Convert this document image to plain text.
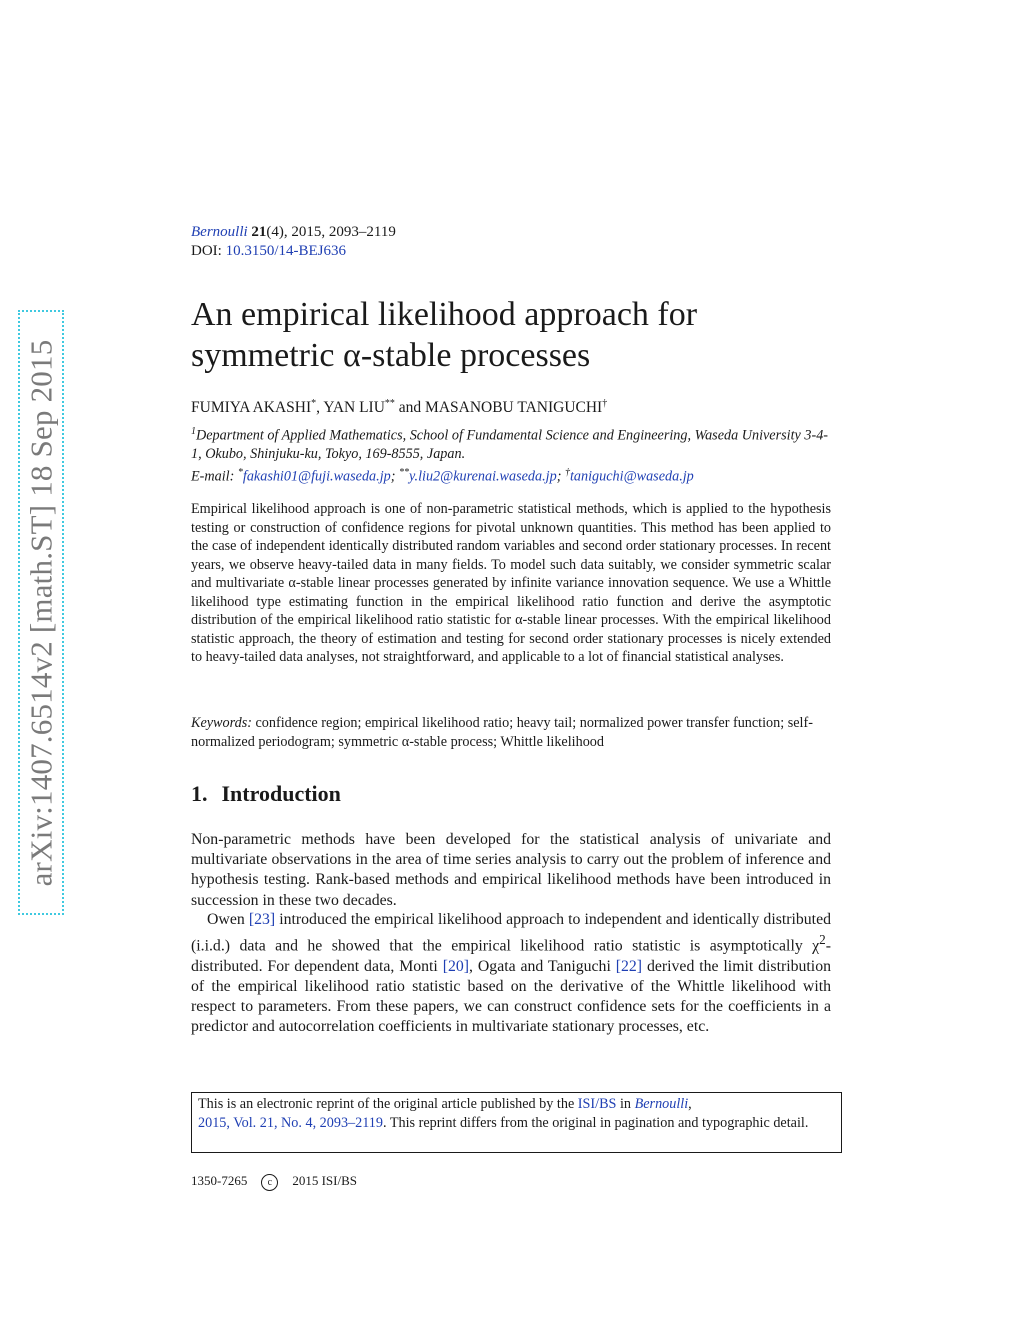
arXiv:1407.6514v2 [math.ST] 18 Sep 2015
Bernoulli 21(4), 2015, 2093–2119
DOI: 10.3150/14-BEJ636
An empirical likelihood approach for symmetric α-stable processes
FUMIYA AKASHI*, YAN LIU** and MASANOBU TANIGUCHI†
$^1$Department of Applied Mathematics, School of Fundamental Science and Engineering, Waseda University 3-4-1, Okubo, Shinjuku-ku, Tokyo, 169-8555, Japan.
E-mail: *fakashi01@fuji.waseda.jp; **y.liu2@kurenai.waseda.jp; †taniguchi@waseda.jp

Empirical likelihood approach is one of non-parametric statistical methods, which is applied to the hypothesis testing or construction of confidence regions for pivotal unknown quantities. This method has been applied to the case of independent identically distributed random variables and second order stationary processes. In recent years, we observe heavy-tailed data in many fields. To model such data suitably, we consider symmetric scalar and multivariate α-stable linear processes generated by infinite variance innovation sequence. We use a Whittle likelihood type estimating function in the empirical likelihood ratio function and derive the asymptotic distribution of the empirical likelihood ratio statistic for α-stable linear processes. With the empirical likelihood statistic approach, the theory of estimation and testing for second order stationary processes is nicely extended to heavy-tailed data analyses, not straightforward, and applicable to a lot of financial statistical analyses.

Keywords: confidence region; empirical likelihood ratio; heavy tail; normalized power transfer function; self-normalized periodogram; symmetric α-stable process; Whittle likelihood

1. Introduction

Non-parametric methods have been developed for the statistical analysis of univariate and multivariate observations in the area of time series analysis to carry out the problem of inference and hypothesis testing. Rank-based methods and empirical likelihood methods have been introduced in succession in these two decades.

Owen [23] introduced the empirical likelihood approach to independent and identically distributed (i.i.d.) data and he showed that the empirical likelihood ratio statistic is asymptotically $\chi^2$-distributed. For dependent data, Monti [20], Ogata and Taniguchi [22] derived the limit distribution of the empirical likelihood ratio statistic based on the derivative of the Whittle likelihood with respect to parameters. From these papers, we can construct confidence sets for the coefficients in a predictor and autocorrelation coefficients in multivariate stationary processes, etc.

This is an electronic reprint of the original article published by the ISI/BS in Bernoulli,
2015, Vol. 21, No. 4, 2093–2119. This reprint differs from the original in pagination and typographic detail.
1350-7265 c 2015 ISI/BS
